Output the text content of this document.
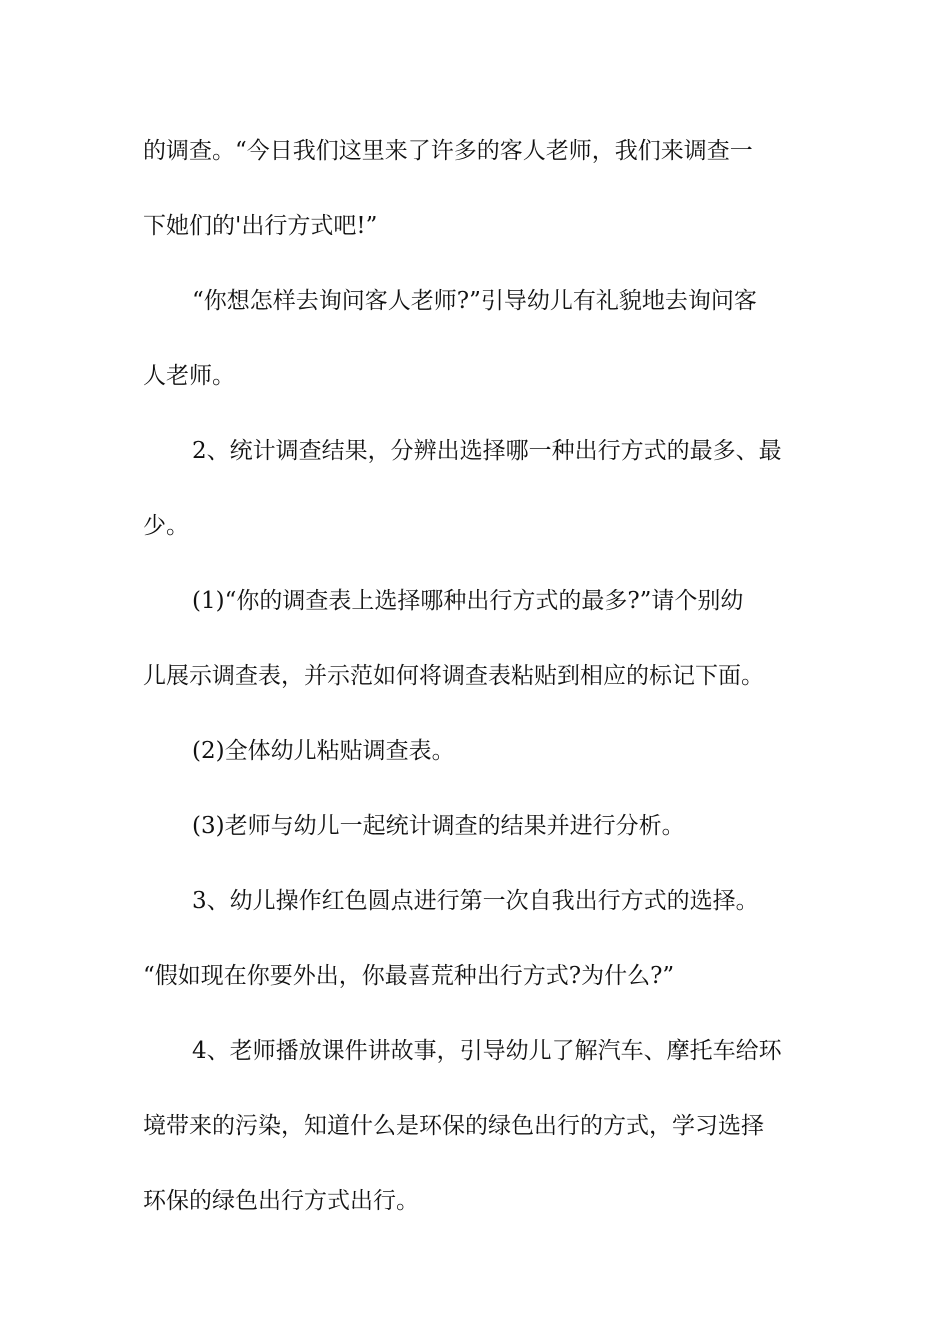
的调查。“今日我们这里来了许多的客人老师，我们来调查一
下她们的'出行方式吧!”
“你想怎样去询问客人老师?”引导幼儿有礼貌地去询问客
人老师。
2、统计调查结果，分辨出选择哪一种出行方式的最多、最
少。
(1)“你的调查表上选择哪种出行方式的最多?”请个别幼
儿展示调查表，并示范如何将调查表粘贴到相应的标记下面。
(2)全体幼儿粘贴调查表。
(3)老师与幼儿一起统计调查的结果并进行分析。
3、幼儿操作红色圆点进行第一次自我出行方式的选择。
“假如现在你要外出，你最喜荒种出行方式?为什么?”
4、老师播放课件讲故事，引导幼儿了解汽车、摩托车给环
境带来的污染，知道什么是环保的绿色出行的方式，学习选择
环保的绿色出行方式出行。
